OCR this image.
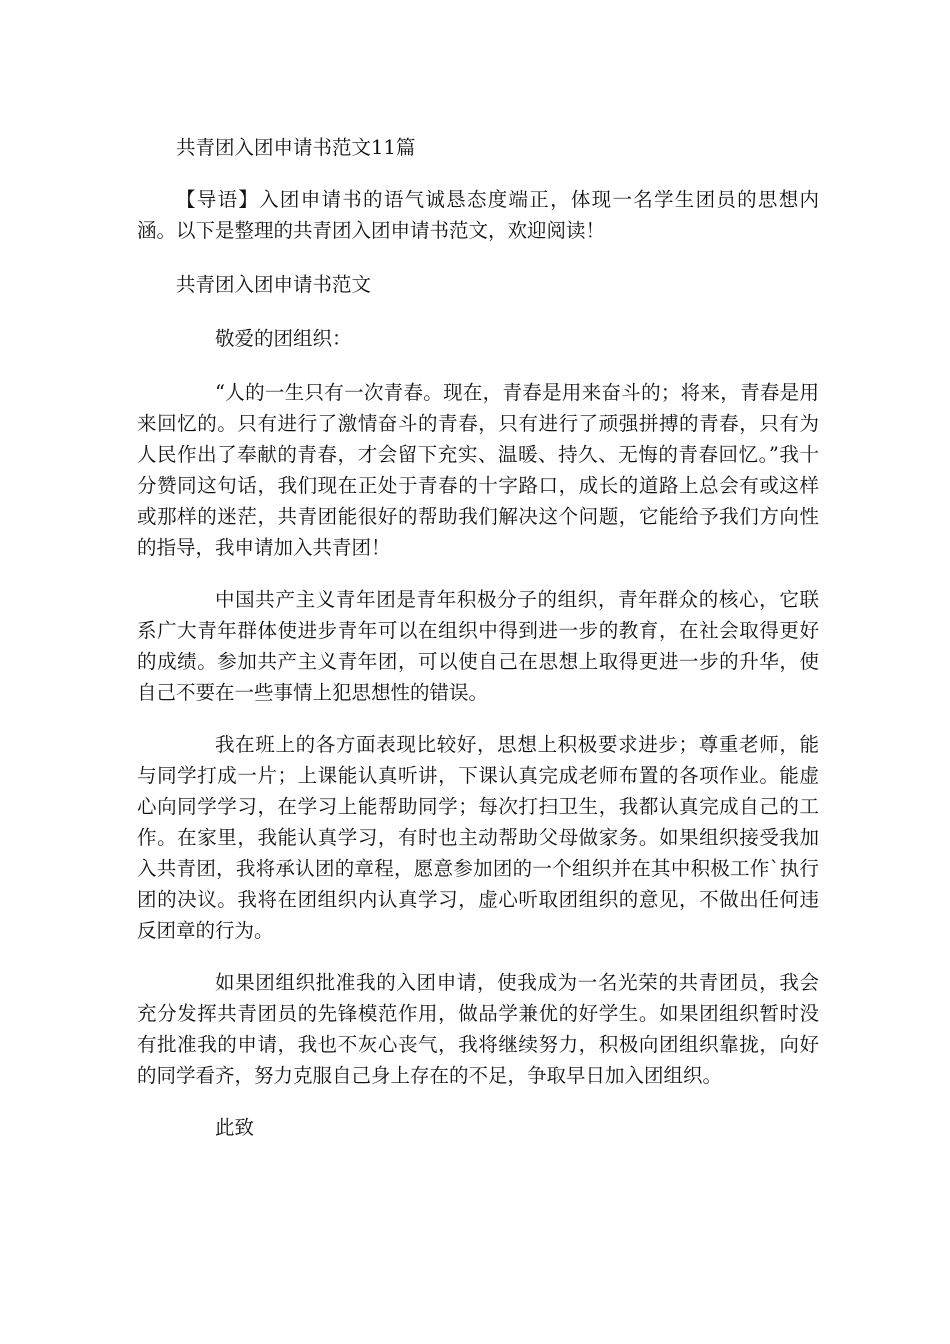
共青团入团申请书范文11篇

【导语】入团申请书的语气诚恳态度端正，体现一名学生团员的思想内涵。以下是整理的共青团入团申请书范文，欢迎阅读！

共青团入团申请书范文

敬爱的团组织：

“人的一生只有一次青春。现在，青春是用来奋斗的；将来，青春是用来回忆的。只有进行了激情奋斗的青春，只有进行了顽强拼搏的青春，只有为人民作出了奉献的青春，才会留下充实、温暖、持久、无悔的青春回忆。”我十分赞同这句话，我们现在正处于青春的十字路口，成长的道路上总会有或这样或那样的迷茫，共青团能很好的帮助我们解决这个问题，它能给予我们方向性的指导，我申请加入共青团！

中国共产主义青年团是青年积极分子的组织，青年群众的核心，它联系广大青年群体使进步青年可以在组织中得到进一步的教育，在社会取得更好的成绩。参加共产主义青年团，可以使自己在思想上取得更进一步的升华，使自己不要在一些事情上犯思想性的错误。

我在班上的各方面表现比较好，思想上积极要求进步；尊重老师，能与同学打成一片；上课能认真听讲，下课认真完成老师布置的各项作业。能虚心向同学学习，在学习上能帮助同学；每次打扫卫生，我都认真完成自己的工作。在家里，我能认真学习，有时也主动帮助父母做家务。如果组织接受我加入共青团，我将承认团的章程，愿意参加团的一个组织并在其中积极工作`执行团的决议。我将在团组织内认真学习，虚心听取团组织的意见，不做出任何违反团章的行为。

如果团组织批准我的入团申请，使我成为一名光荣的共青团员，我会充分发挥共青团员的先锋模范作用，做品学兼优的好学生。如果团组织暂时没有批准我的申请，我也不灰心丧气，我将继续努力，积极向团组织靠拢，向好的同学看齐，努力克服自己身上存在的不足，争取早日加入团组织。

此致
